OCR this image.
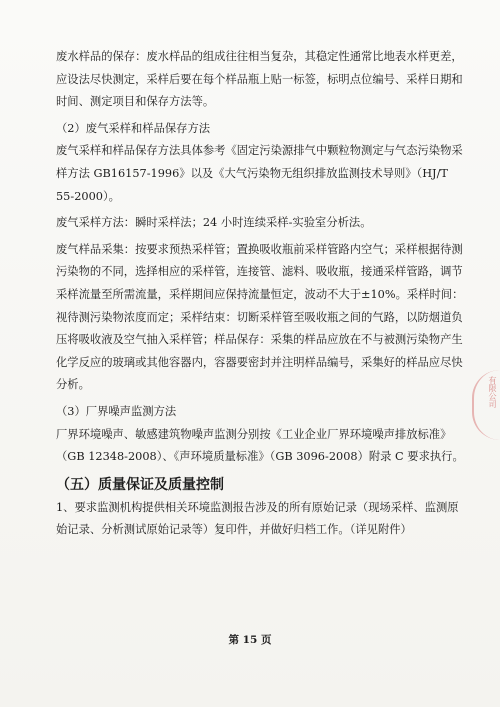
废水样品的保存：废水样品的组成往往相当复杂，其稳定性通常比地表水样更差，应设法尽快测定，采样后要在每个样品瓶上贴一标签，标明点位编号、采样日期和时间、测定项目和保存方法等。

（2）废气采样和样品保存方法

废气采样和样品保存方法具体参考《固定污染源排气中颗粒物测定与气态污染物采样方法 GB16157-1996》以及《大气污染物无组织排放监测技术导则》（HJ/T 55-2000）。

废气采样方法：瞬时采样法；24 小时连续采样-实验室分析法。

废气样品采集：按要求预热采样管；置换吸收瓶前采样管路内空气；采样根据待测污染物的不同，选择相应的采样管，连接管、滤料、吸收瓶，接通采样管路，调节采样流量至所需流量，采样期间应保持流量恒定，波动不大于±10%。采样时间：视待测污染物浓度而定；采样结束：切断采样管至吸收瓶之间的气路，以防烟道负压将吸收液及空气抽入采样管；样品保存：采集的样品应放在不与被测污染物产生化学反应的玻璃或其他容器内，容器要密封并注明样品编号，采集好的样品应尽快分析。

（3）厂界噪声监测方法

厂界环境噪声、敏感建筑物噪声监测分别按《工业企业厂界环境噪声排放标准》（GB 12348-2008）、《声环境质量标准》（GB 3096-2008）附录 C 要求执行。

（五）质量保证及质量控制

1、要求监测机构提供相关环境监测报告涉及的所有原始记录（现场采样、监测原始记录、分析测试原始记录等）复印件，并做好归档工作。（详见附件）

有限公司
第 15 页
